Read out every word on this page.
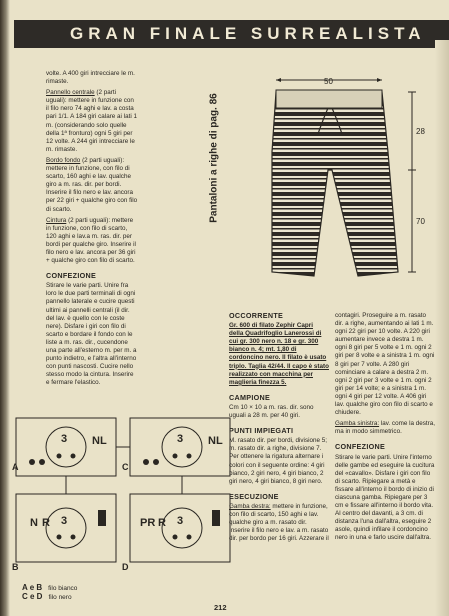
GRAN FINALE SURREALISTA

volte. A 400 giri intrecciare le m. rimaste.

Pannello centrale (2 parti uguali): mettere in funzione con il filo nero 74 aghi e lav. a costa pari 1/1. A 184 giri calare ai lati 1 m. (considerando solo quelle della 1ª fronturα) ogni 5 giri per 12 volte. A 244 giri intrecciare le m. rimaste.

Bordo fondo (2 parti uguali): mettere in funzione, con filo di scarto, 160 aghi e lav. qualche giro a m. ras. dir. per bordi. Inserire il filo nero e lav. ancora per 22 giri + qualche giro con filo di scarto.

Cintura (2 parti uguali): mettere in funzione, con filo di scarto, 120 aghi e lav.a m. ras. dir. per bordi per qualche giro. Inserire il filo nero e lav. ancora per 36 giri + qualche giro con filo di scarto.

CONFEZIONE

Stirare le varie parti. Unire fra loro le due parti terminali di ogni pannello laterale e cucire questi ultimi ai pannelli centrali (il dir. del lav. è quello con le coste nere). Disfare i giri con filo di scarto e bordare il fondo con le liste a m. ras. dir., cucendone una parte all'esterno m. per m. a punto indietro, e l'altra all'interno con punti nascosti. Cucire nello stesso modo la cintura. Inserire e fermare l'elastico.

Pantaloni a righe di pag. 86
50
28
70
OCCORRENTE

Gr. 600 di filato Zephir Capri della Quadrifoglio Lanerossi di cui gr. 300 nero n. 18 e gr. 300 bianco n. 4; mt. 1,80 di cordoncino nero. Il filato è usato triplo. Taglia 42/44. Il capo è stato realizzato con macchina per maglieria finezza 5.

CAMPIONE

Cm 10 × 10 a m. ras. dir. sono uguali a 28 m. per 40 giri.

PUNTI IMPIEGATI

M. rasato dir. per bordi, divisione 5; m. rasato dir. a righe, divisione 7. Per ottenere la rigatura alternare i colori con il seguente ordine: 4 giri bianco, 2 giri nero, 4 giri bianco, 2 giri nero, 4 giri bianco, 8 giri nero.

ESECUZIONE

Gamba destra: mettere in funzione, con filo di scarto, 150 aghi e lav. qualche giro a m. rasato dir. Inserire il filo nero e lav. a m. rasato dir. per bordo per 16 giri. Azzerare il

contagiri. Proseguire a m. rasato dir. a righe, aumentando ai lati 1 m. ogni 22 giri per 10 volte. A 220 giri aumentare invece a destra 1 m. ogni 8 giri per 5 volte e 1 m. ogni 2 giri per 8 volte e a sinistra 1 m. ogni 8 giri per 7 volte. A 280 giri cominciare a calare a destra 2 m. ogni 2 giri per 3 volte e 1 m. ogni 2 giri per 14 volte; e a sinistra 1 m. ogni 4 giri per 12 volte. A 406 giri lav. qualche giro con filo di scarto e chiudere.

Gamba sinistra: lav. come la destra, ma in modo simmetrico.

CONFEZIONE

Stirare le varie parti. Unire l'interno delle gambe ed eseguire la cucitura del «cavallo». Disfare i giri con filo di scarto. Ripiegare a metà e fissare all'interno il bordo di inizio di ciascuna gamba. Ripiegare per 3 cm e fissare all'interno il bordo vita. Al centro del davanti, a 3 cm. di distanza l'una dall'altra, eseguire 2 asole, quindi infilare il cordoncino nero in una e farlo uscire dall'altra.

3 NL	3 NL
N R 3	PR R 3
A
B
C
D
A e B filo bianco
C e D filo nero
212
